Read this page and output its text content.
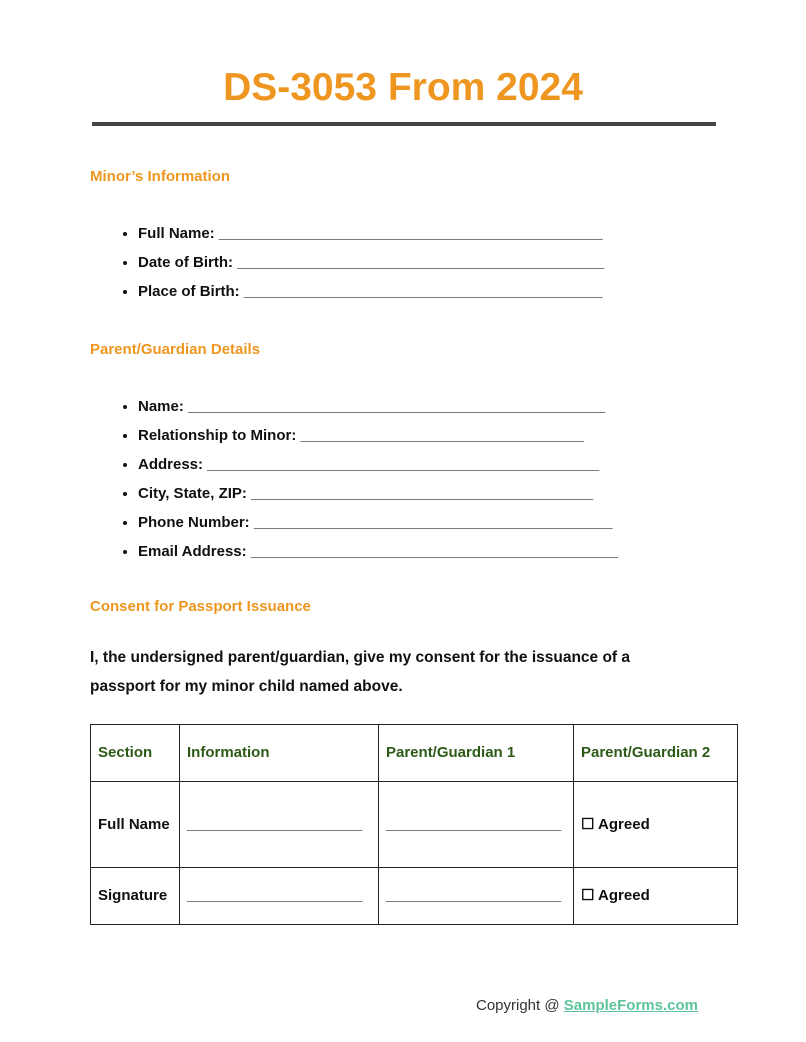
DS-3053 From 2024
Minor’s Information
• Full Name: ______________________________________________
• Date of Birth: ____________________________________________
• Place of Birth: ___________________________________________
Parent/Guardian Details
• Name: __________________________________________________
• Relationship to Minor: __________________________________
• Address: _______________________________________________
• City, State, ZIP: _________________________________________
• Phone Number: ___________________________________________
• Email Address: ____________________________________________
Consent for Passport Issuance
I, the undersigned parent/guardian, give my consent for the issuance of a passport for my minor child named above.
Section	Information	Parent/Guardian 1	Parent/Guardian 2
Full Name	_____________________	_____________________	☐ Agreed
Signature	_____________________	_____________________	☐ Agreed
Copyright @ SampleForms.com
